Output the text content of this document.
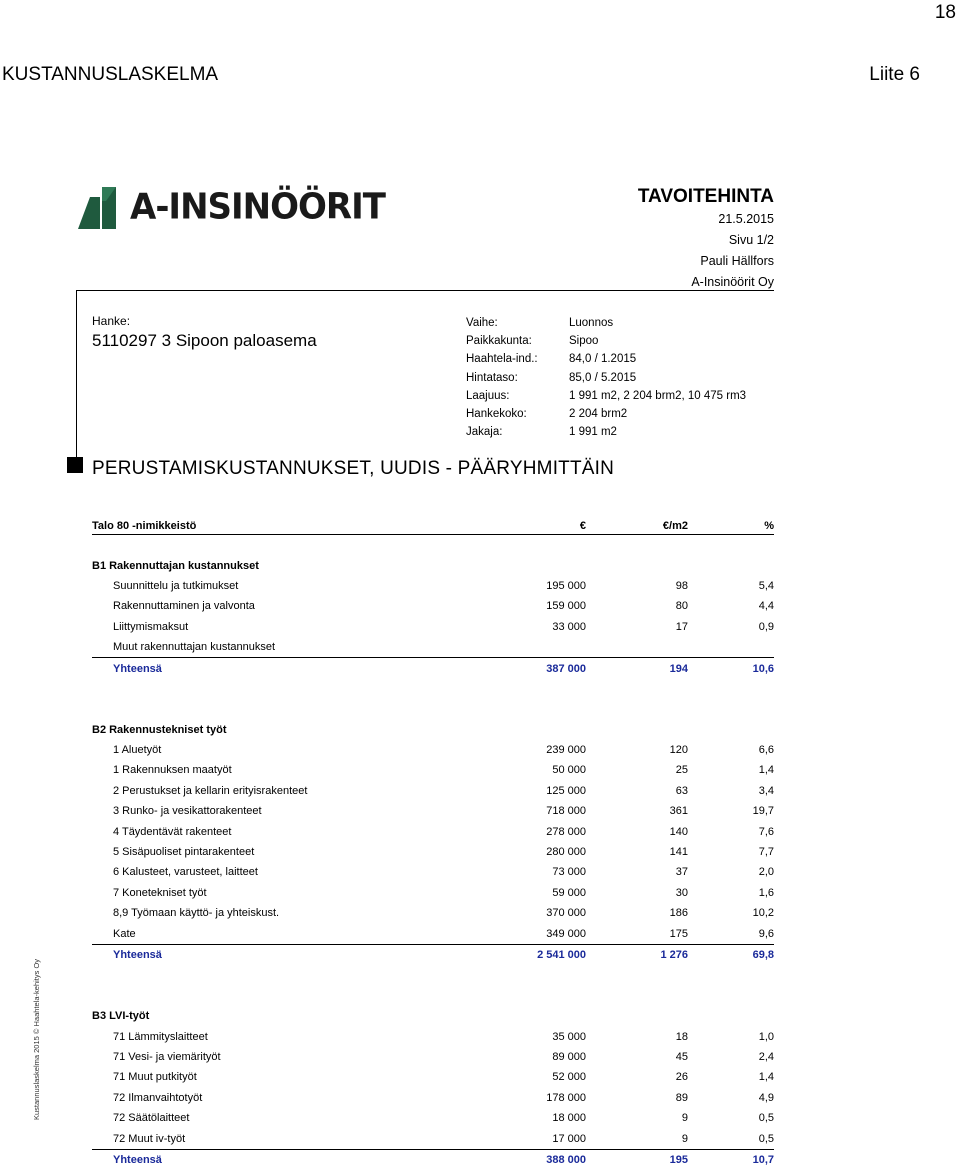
18
KUSTANNUSLASKELMA	Liite 6
A-INSINÖÖRIT	TAVOITEHINTA
21.5.2015
Sivu 1/2
Pauli Hällfors
A-Insinöörit Oy
Hanke:
5110297 3 Sipoon paloasema
Vaihe:	Luonnos
Paikkakunta:	Sipoo
Haahtela-ind.:	84,0 / 1.2015
Hintataso:	85,0 / 5.2015
Laajuus:	1 991 m2, 2 204 brm2, 10 475 rm3
Hankekoko:	2 204 brm2
Jakaja:	1 991 m2
PERUSTAMISKUSTANNUKSET, UUDIS - PÄÄRYHMITTÄIN
Talo 80 -nimikkeistö	€	€/m2	%
B1 Rakennuttajan kustannukset
Suunnittelu ja tutkimukset	195 000	98	5,4
Rakennuttaminen ja valvonta	159 000	80	4,4
Liittymismaksut	33 000	17	0,9
Muut rakennuttajan kustannukset
Yhteensä	387 000	194	10,6
B2 Rakennustekniset työt
1 Aluetyöt	239 000	120	6,6
1 Rakennuksen maatyöt	50 000	25	1,4
2 Perustukset ja kellarin erityisrakenteet	125 000	63	3,4
3 Runko- ja vesikattorakenteet	718 000	361	19,7
4 Täydentävät rakenteet	278 000	140	7,6
5 Sisäpuoliset pintarakenteet	280 000	141	7,7
6 Kalusteet, varusteet, laitteet	73 000	37	2,0
7 Konetekniset työt	59 000	30	1,6
8,9 Työmaan käyttö- ja yhteiskust.	370 000	186	10,2
Kate	349 000	175	9,6
Yhteensä	2 541 000	1 276	69,8
B3 LVI-työt
71 Lämmityslaitteet	35 000	18	1,0
71 Vesi- ja viemärityöt	89 000	45	2,4
71 Muut putkityöt	52 000	26	1,4
72 Ilmanvaihtotyöt	178 000	89	4,9
72 Säätölaitteet	18 000	9	0,5
72 Muut iv-työt	17 000	9	0,5
Yhteensä	388 000	195	10,7
Kustannuslaskelma 2015 © Haahtela-kehitys Oy
